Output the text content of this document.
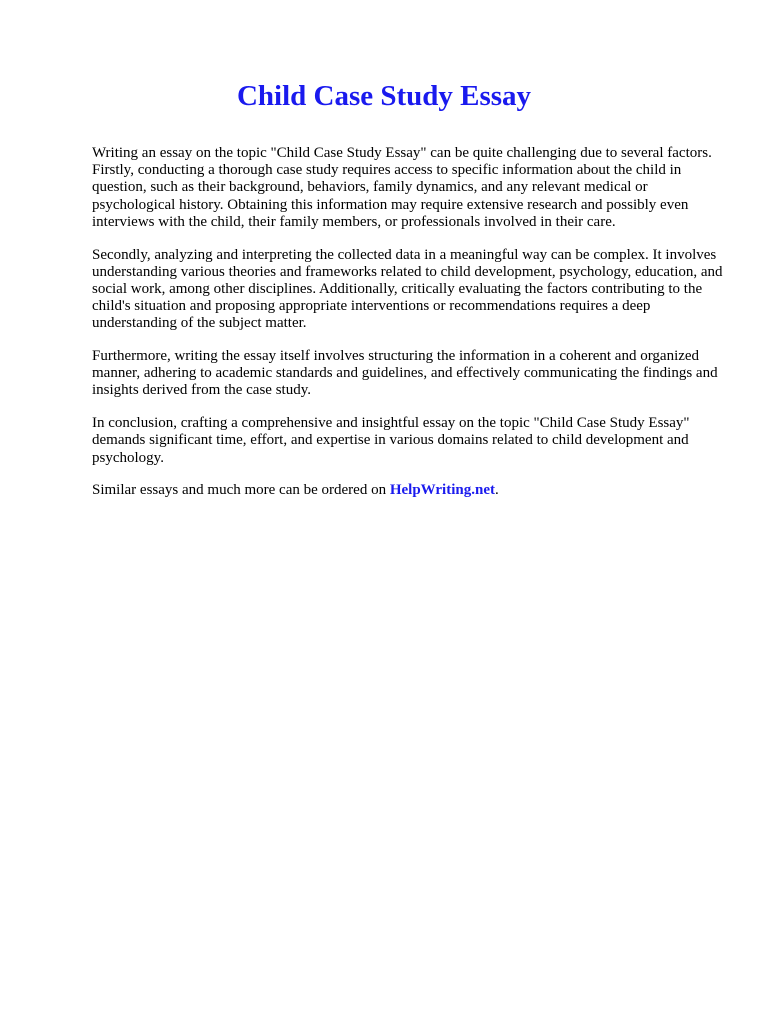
Child Case Study Essay

Writing an essay on the topic "Child Case Study Essay" can be quite challenging due to several factors. Firstly, conducting a thorough case study requires access to specific information about the child in question, such as their background, behaviors, family dynamics, and any relevant medical or psychological history. Obtaining this information may require extensive research and possibly even interviews with the child, their family members, or professionals involved in their care.

Secondly, analyzing and interpreting the collected data in a meaningful way can be complex. It involves understanding various theories and frameworks related to child development, psychology, education, and social work, among other disciplines. Additionally, critically evaluating the factors contributing to the child's situation and proposing appropriate interventions or recommendations requires a deep understanding of the subject matter.

Furthermore, writing the essay itself involves structuring the information in a coherent and organized manner, adhering to academic standards and guidelines, and effectively communicating the findings and insights derived from the case study.

In conclusion, crafting a comprehensive and insightful essay on the topic "Child Case Study Essay" demands significant time, effort, and expertise in various domains related to child development and psychology.

Similar essays and much more can be ordered on HelpWriting.net.
